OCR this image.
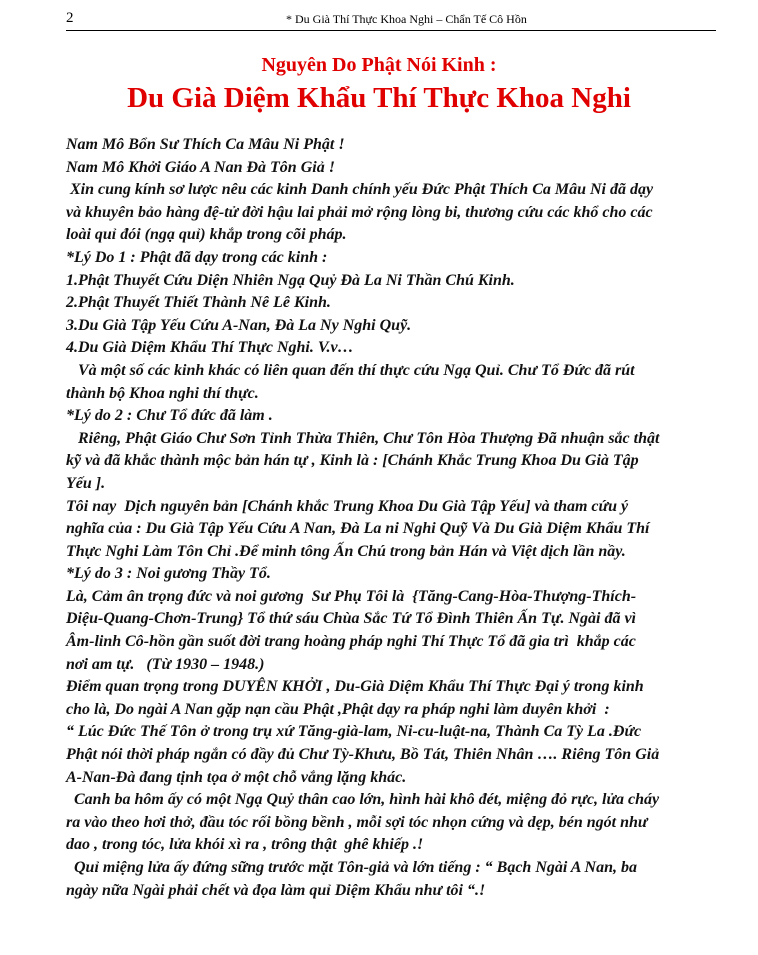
2	* Du Già Thí Thực Khoa Nghi – Chẩn Tế Cô Hồn
Nguyên Do Phật Nói Kinh :
Du Già Diệm Khẩu Thí Thực Khoa Nghi
Nam Mô Bổn Sư Thích Ca Mâu Ni Phật !
Nam Mô Khởi Giáo A Nan Đà Tôn Giả !
Xin cung kính sơ lược nêu các kinh Danh chính yếu Đức Phật Thích Ca Mâu Ni đã dạy
và khuyên bảo hàng đệ-tử đời hậu lai phải mở rộng lòng bi, thương cứu các khổ cho các
loài quỉ đói (ngạ quỉ) khắp trong cõi pháp.
*Lý Do 1 : Phật đã dạy trong các kinh :
1.Phật Thuyết Cứu Diện Nhiên Ngạ Quỷ Đà La Ni Thần Chú Kinh.
2.Phật Thuyết Thiết Thành Nê Lê Kinh.
3.Du Già Tập Yếu Cứu A-Nan, Đà La Ny Nghi Quỹ.
4.Du Già Diệm Khẩu Thí Thực Nghi. V.v…
Và một số các kinh khác có liên quan đến thí thực cứu Ngạ Quỉ. Chư Tổ Đức đã rút
thành bộ Khoa nghi thí thực.
*Lý do 2 : Chư Tổ đức đã làm .
Riêng, Phật Giáo Chư Sơn Tỉnh Thừa Thiên, Chư Tôn Hòa Thượng Đã nhuận sắc thật
kỹ và đã khắc thành mộc bản hán tự , Kinh là : [Chánh Khắc Trung Khoa Du Già Tập
Yếu ].
Tôi nay  Dịch nguyên bản [Chánh khắc Trung Khoa Du Già Tập Yếu] và tham cứu ý
nghĩa của : Du Già Tập Yếu Cứu A Nan, Đà La ni Nghi Quỹ Và Du Già Diệm Khẩu Thí
Thực Nghi Làm Tôn Chỉ .Để minh tông Ấn Chú trong bản Hán và Việt dịch lần nầy.
*Lý do 3 : Noi gương Thầy Tổ.
Là, Cảm ân trọng đức và noi gương  Sư Phụ Tôi là  {Tăng-Cang-Hòa-Thượng-Thích-
Diệu-Quang-Chơn-Trung} Tổ thứ sáu Chùa Sắc Tứ Tổ Đình Thiên Ấn Tự. Ngài đã vì
Âm-linh Cô-hồn gần suốt đời trang hoàng pháp nghi Thí Thực Tổ đã gia trì  khắp các
nơi am tự.   (Từ 1930 – 1948.)
Điểm quan trọng trong DUYÊN KHỞI , Du-Già Diệm Khẩu Thí Thực Đại ý trong kinh
cho là, Do ngài A Nan gặp nạn cầu Phật ,Phật dạy ra pháp nghi làm duyên khởi  :
“ Lúc Đức Thế Tôn ở trong trụ xứ Tăng-già-lam, Ni-cu-luật-na, Thành Ca Tỳ La .Đức
Phật nói thời pháp ngắn có đầy đủ Chư Tỳ-Khưu, Bồ Tát, Thiên Nhân …. Riêng Tôn Giả
A-Nan-Đà đang tịnh tọa ở một chỗ vắng lặng khác.
Canh ba hôm ấy có một Ngạ Quỷ thân cao lớn, hình hài khô đét, miệng đỏ rực, lửa cháy
ra vào theo hơi thở, đầu tóc rối bồng bềnh , mỗi sợi tóc nhọn cứng và dẹp, bén ngót như
dao , trong tóc, lửa khói xì ra , trông thật  ghê khiếp .!
Quỉ miệng lửa ấy đứng sững trước mặt Tôn-giả và lớn tiếng : “ Bạch Ngài A Nan, ba
ngày nữa Ngài phải chết và đọa làm quỉ Diệm Khẩu như tôi “.!
